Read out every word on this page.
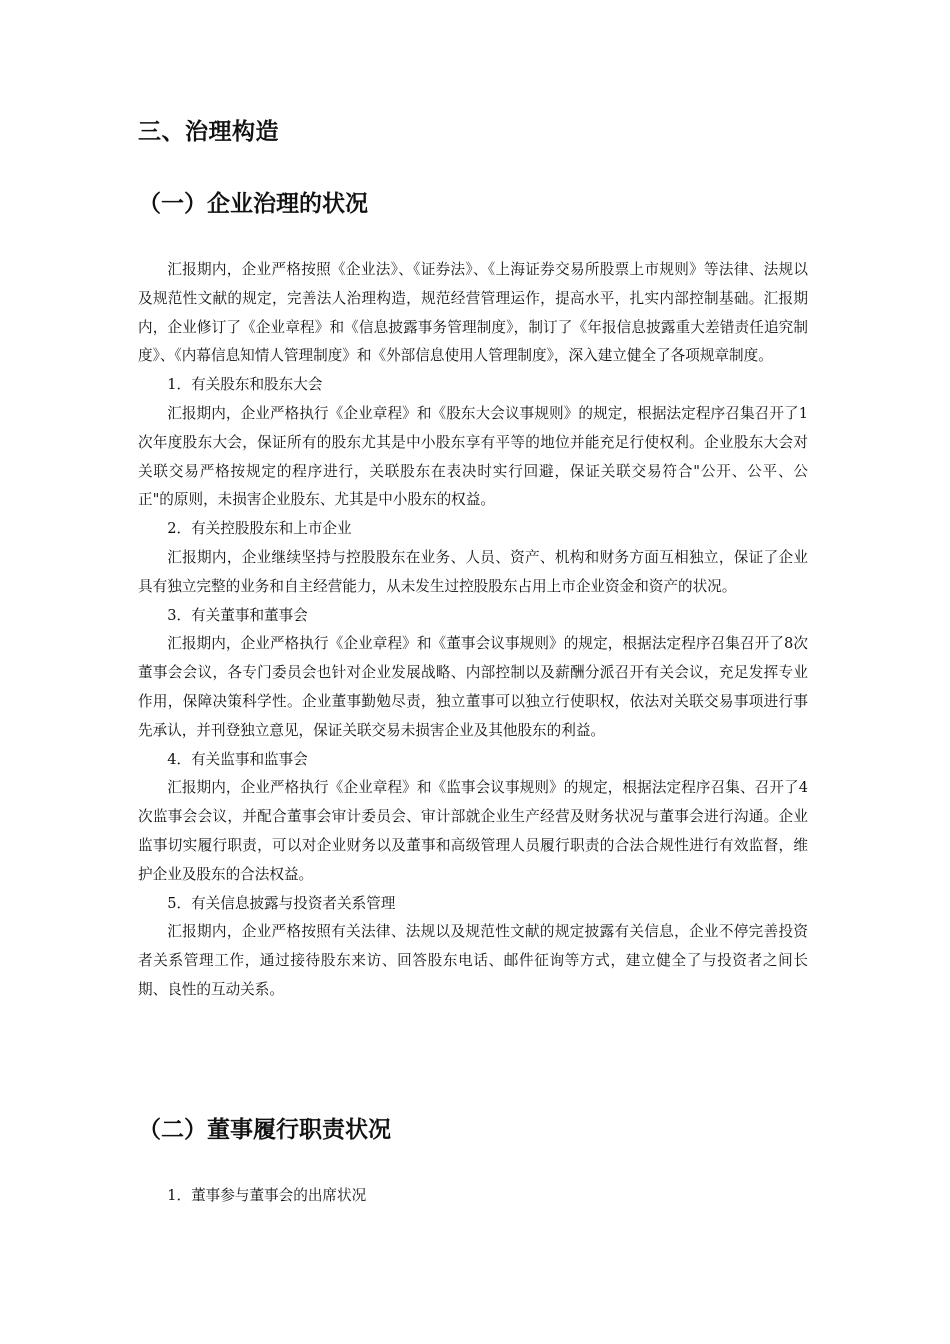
三、治理构造
（一）企业治理的状况

汇报期内，企业严格按照《企业法》、《证券法》、《上海证券交易所股票上市规则》等法律、法规以及规范性文献的规定，完善法人治理构造，规范经营管理运作，提高水平，扎实内部控制基础。汇报期内，企业修订了《企业章程》和《信息披露事务管理制度》，制订了《年报信息披露重大差错责任追究制度》、《内幕信息知情人管理制度》和《外部信息使用人管理制度》，深入建立健全了各项规章制度。

1．有关股东和股东大会

汇报期内，企业严格执行《企业章程》和《股东大会议事规则》的规定，根据法定程序召集召开了1次年度股东大会，保证所有的股东尤其是中小股东享有平等的地位并能充足行使权利。企业股东大会对关联交易严格按规定的程序进行，关联股东在表决时实行回避，保证关联交易符合"公开、公平、公正"的原则，未损害企业股东、尤其是中小股东的权益。

2．有关控股股东和上市企业

汇报期内，企业继续坚持与控股股东在业务、人员、资产、机构和财务方面互相独立，保证了企业具有独立完整的业务和自主经营能力，从未发生过控股股东占用上市企业资金和资产的状况。

3．有关董事和董事会

汇报期内，企业严格执行《企业章程》和《董事会议事规则》的规定，根据法定程序召集召开了8次董事会会议，各专门委员会也针对企业发展战略、内部控制以及薪酬分派召开有关会议，充足发挥专业作用，保障决策科学性。企业董事勤勉尽责，独立董事可以独立行使职权，依法对关联交易事项进行事先承认，并刊登独立意见，保证关联交易未损害企业及其他股东的利益。

4．有关监事和监事会

汇报期内，企业严格执行《企业章程》和《监事会议事规则》的规定，根据法定程序召集、召开了4次监事会会议，并配合董事会审计委员会、审计部就企业生产经营及财务状况与董事会进行沟通。企业监事切实履行职责，可以对企业财务以及董事和高级管理人员履行职责的合法合规性进行有效监督，维护企业及股东的合法权益。

5．有关信息披露与投资者关系管理

汇报期内，企业严格按照有关法律、法规以及规范性文献的规定披露有关信息，企业不停完善投资者关系管理工作，通过接待股东来访、回答股东电话、邮件征询等方式，建立健全了与投资者之间长期、良性的互动关系。

（二）董事履行职责状况

1．董事参与董事会的出席状况
